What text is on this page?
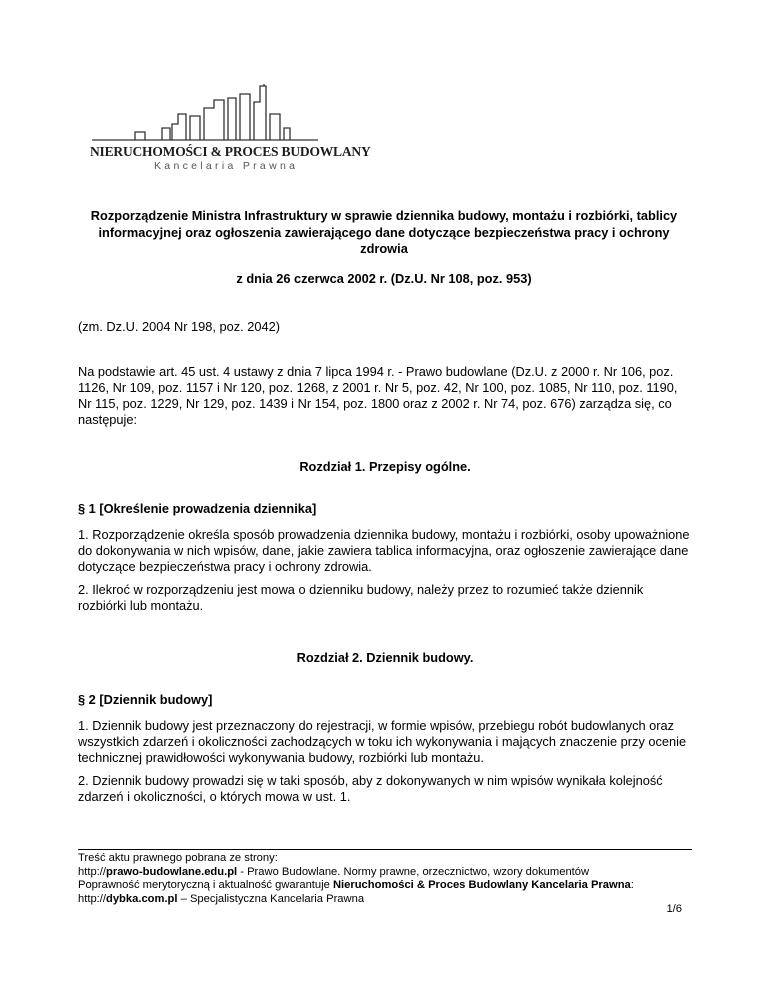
NIERUCHOMOŚCI & PROCES BUDOWLANY
Kancelaria Prawna
Rozporządzenie Ministra Infrastruktury w sprawie dziennika budowy, montażu i rozbiórki, tablicy informacyjnej oraz ogłoszenia zawierającego dane dotyczące bezpieczeństwa pracy i ochrony zdrowia
z dnia 26 czerwca 2002 r. (Dz.U. Nr 108, poz. 953)
(zm. Dz.U. 2004 Nr 198, poz. 2042)
Na podstawie art. 45 ust. 4 ustawy z dnia 7 lipca 1994 r. - Prawo budowlane (Dz.U. z 2000 r. Nr 106, poz. 1126, Nr 109, poz. 1157 i Nr 120, poz. 1268, z 2001 r. Nr 5, poz. 42, Nr 100, poz. 1085, Nr 110, poz. 1190, Nr 115, poz. 1229, Nr 129, poz. 1439 i Nr 154, poz. 1800 oraz z 2002 r. Nr 74, poz. 676) zarządza się, co następuje:
Rozdział 1. Przepisy ogólne.
§ 1 [Określenie prowadzenia dziennika]
1. Rozporządzenie określa sposób prowadzenia dziennika budowy, montażu i rozbiórki, osoby upoważnione do dokonywania w nich wpisów, dane, jakie zawiera tablica informacyjna, oraz ogłoszenie zawierające dane dotyczące bezpieczeństwa pracy i ochrony zdrowia.
2. Ilekroć w rozporządzeniu jest mowa o dzienniku budowy, należy przez to rozumieć także dziennik rozbiórki lub montażu.
Rozdział 2. Dziennik budowy.
§ 2 [Dziennik budowy]
1. Dziennik budowy jest przeznaczony do rejestracji, w formie wpisów, przebiegu robót budowlanych oraz wszystkich zdarzeń i okoliczności zachodzących w toku ich wykonywania i mających znaczenie przy ocenie technicznej prawidłowości wykonywania budowy, rozbiórki lub montażu.
2. Dziennik budowy prowadzi się w taki sposób, aby z dokonywanych w nim wpisów wynikała kolejność zdarzeń i okoliczności, o których mowa w ust. 1.
Treść aktu prawnego pobrana ze strony:
http://prawo-budowlane.edu.pl - Prawo Budowlane. Normy prawne, orzecznictwo, wzory dokumentów
Poprawność merytoryczną i aktualność gwarantuje Nieruchomości & Proces Budowlany Kancelaria Prawna:
http://dybka.com.pl – Specjalistyczna Kancelaria Prawna
1/6
